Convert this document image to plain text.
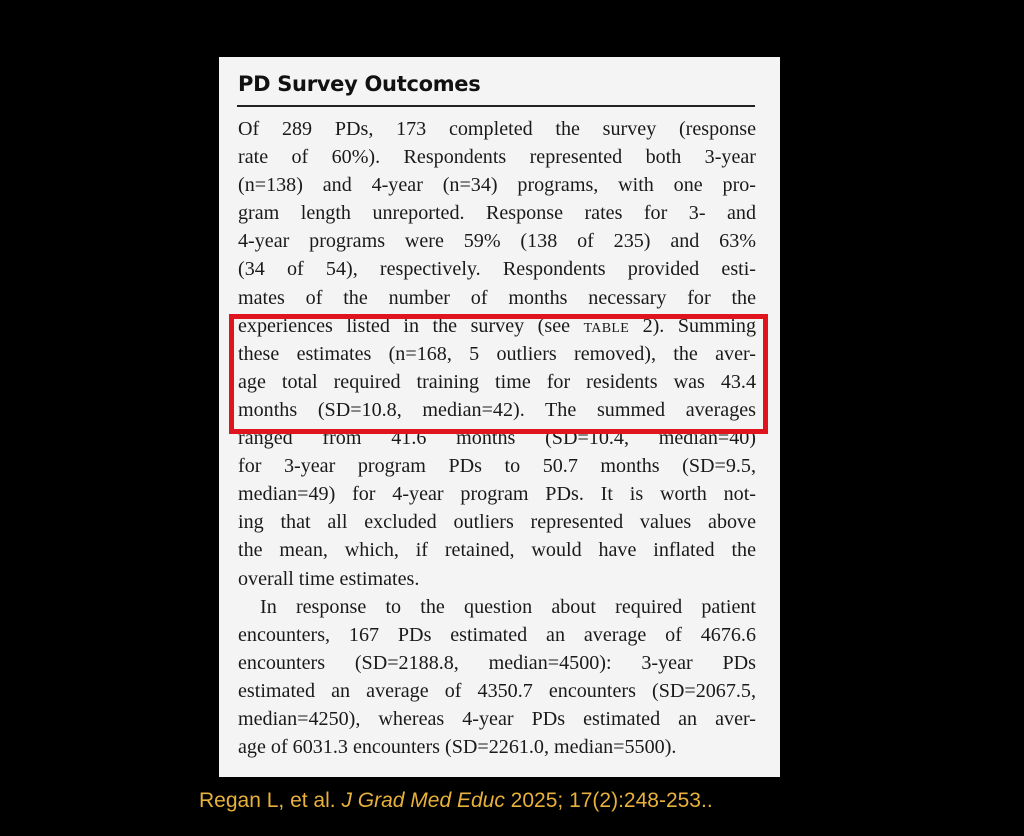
PD Survey Outcomes
Of 289 PDs, 173 completed the survey (response
rate of 60%). Respondents represented both 3-year
(n=138) and 4-year (n=34) programs, with one pro-
gram length unreported. Response rates for 3- and
4-year programs were 59% (138 of 235) and 63%
(34 of 54), respectively. Respondents provided esti-
mates of the number of months necessary for the
experiences listed in the survey (see TABLE 2). Summing
these estimates (n=168, 5 outliers removed), the aver-
age total required training time for residents was 43.4
months (SD=10.8, median=42). The summed averages
ranged from 41.6 months (SD=10.4, median=40)
for 3-year program PDs to 50.7 months (SD=9.5,
median=49) for 4-year program PDs. It is worth not-
ing that all excluded outliers represented values above
the mean, which, if retained, would have inflated the
overall time estimates.
In response to the question about required patient
encounters, 167 PDs estimated an average of 4676.6
encounters (SD=2188.8, median=4500): 3-year PDs
estimated an average of 4350.7 encounters (SD=2067.5,
median=4250), whereas 4-year PDs estimated an aver-
age of 6031.3 encounters (SD=2261.0, median=5500).
Regan L, et al. J Grad Med Educ 2025; 17(2):248-253..
